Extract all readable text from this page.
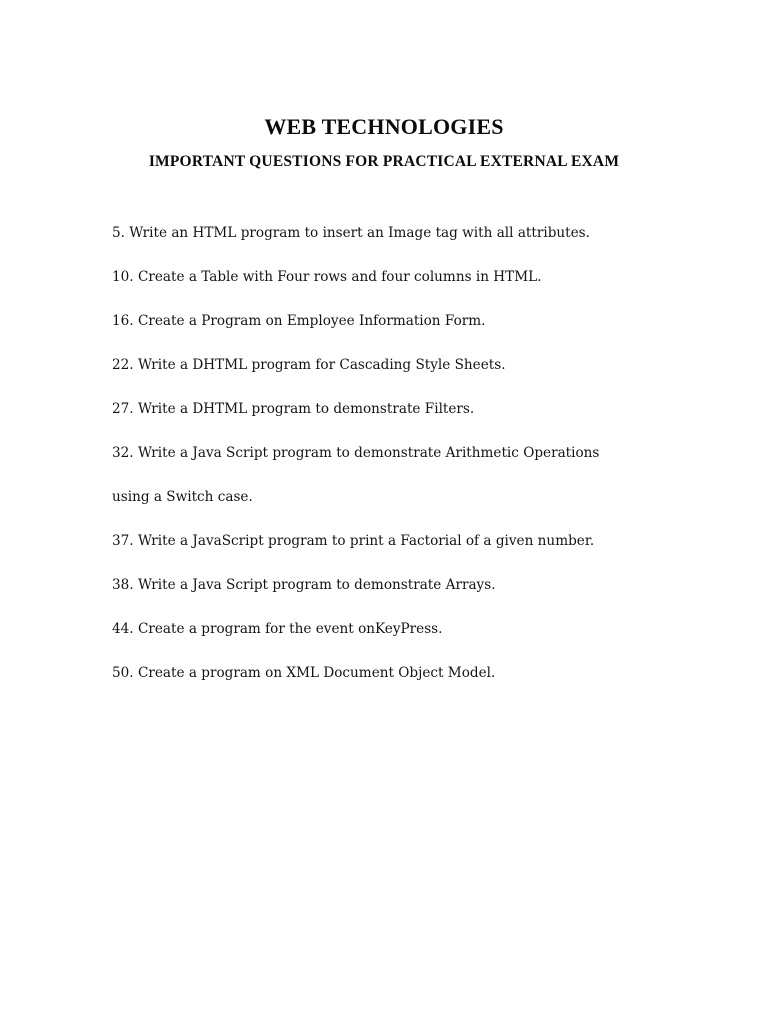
WEB TECHNOLOGIES
IMPORTANT QUESTIONS FOR PRACTICAL EXTERNAL EXAM
5. Write an HTML program to insert an Image tag with all attributes.
10. Create a Table with Four rows and four columns in HTML.
16. Create a Program on Employee Information Form.
22. Write a DHTML program for Cascading Style Sheets.
27. Write a DHTML program to demonstrate Filters.
32. Write a Java Script program to demonstrate Arithmetic Operations
using a Switch case.
37. Write a JavaScript program to print a Factorial of a given number.
38. Write a Java Script program to demonstrate Arrays.
44. Create a program for the event onKeyPress.
50. Create a program on XML Document Object Model.
